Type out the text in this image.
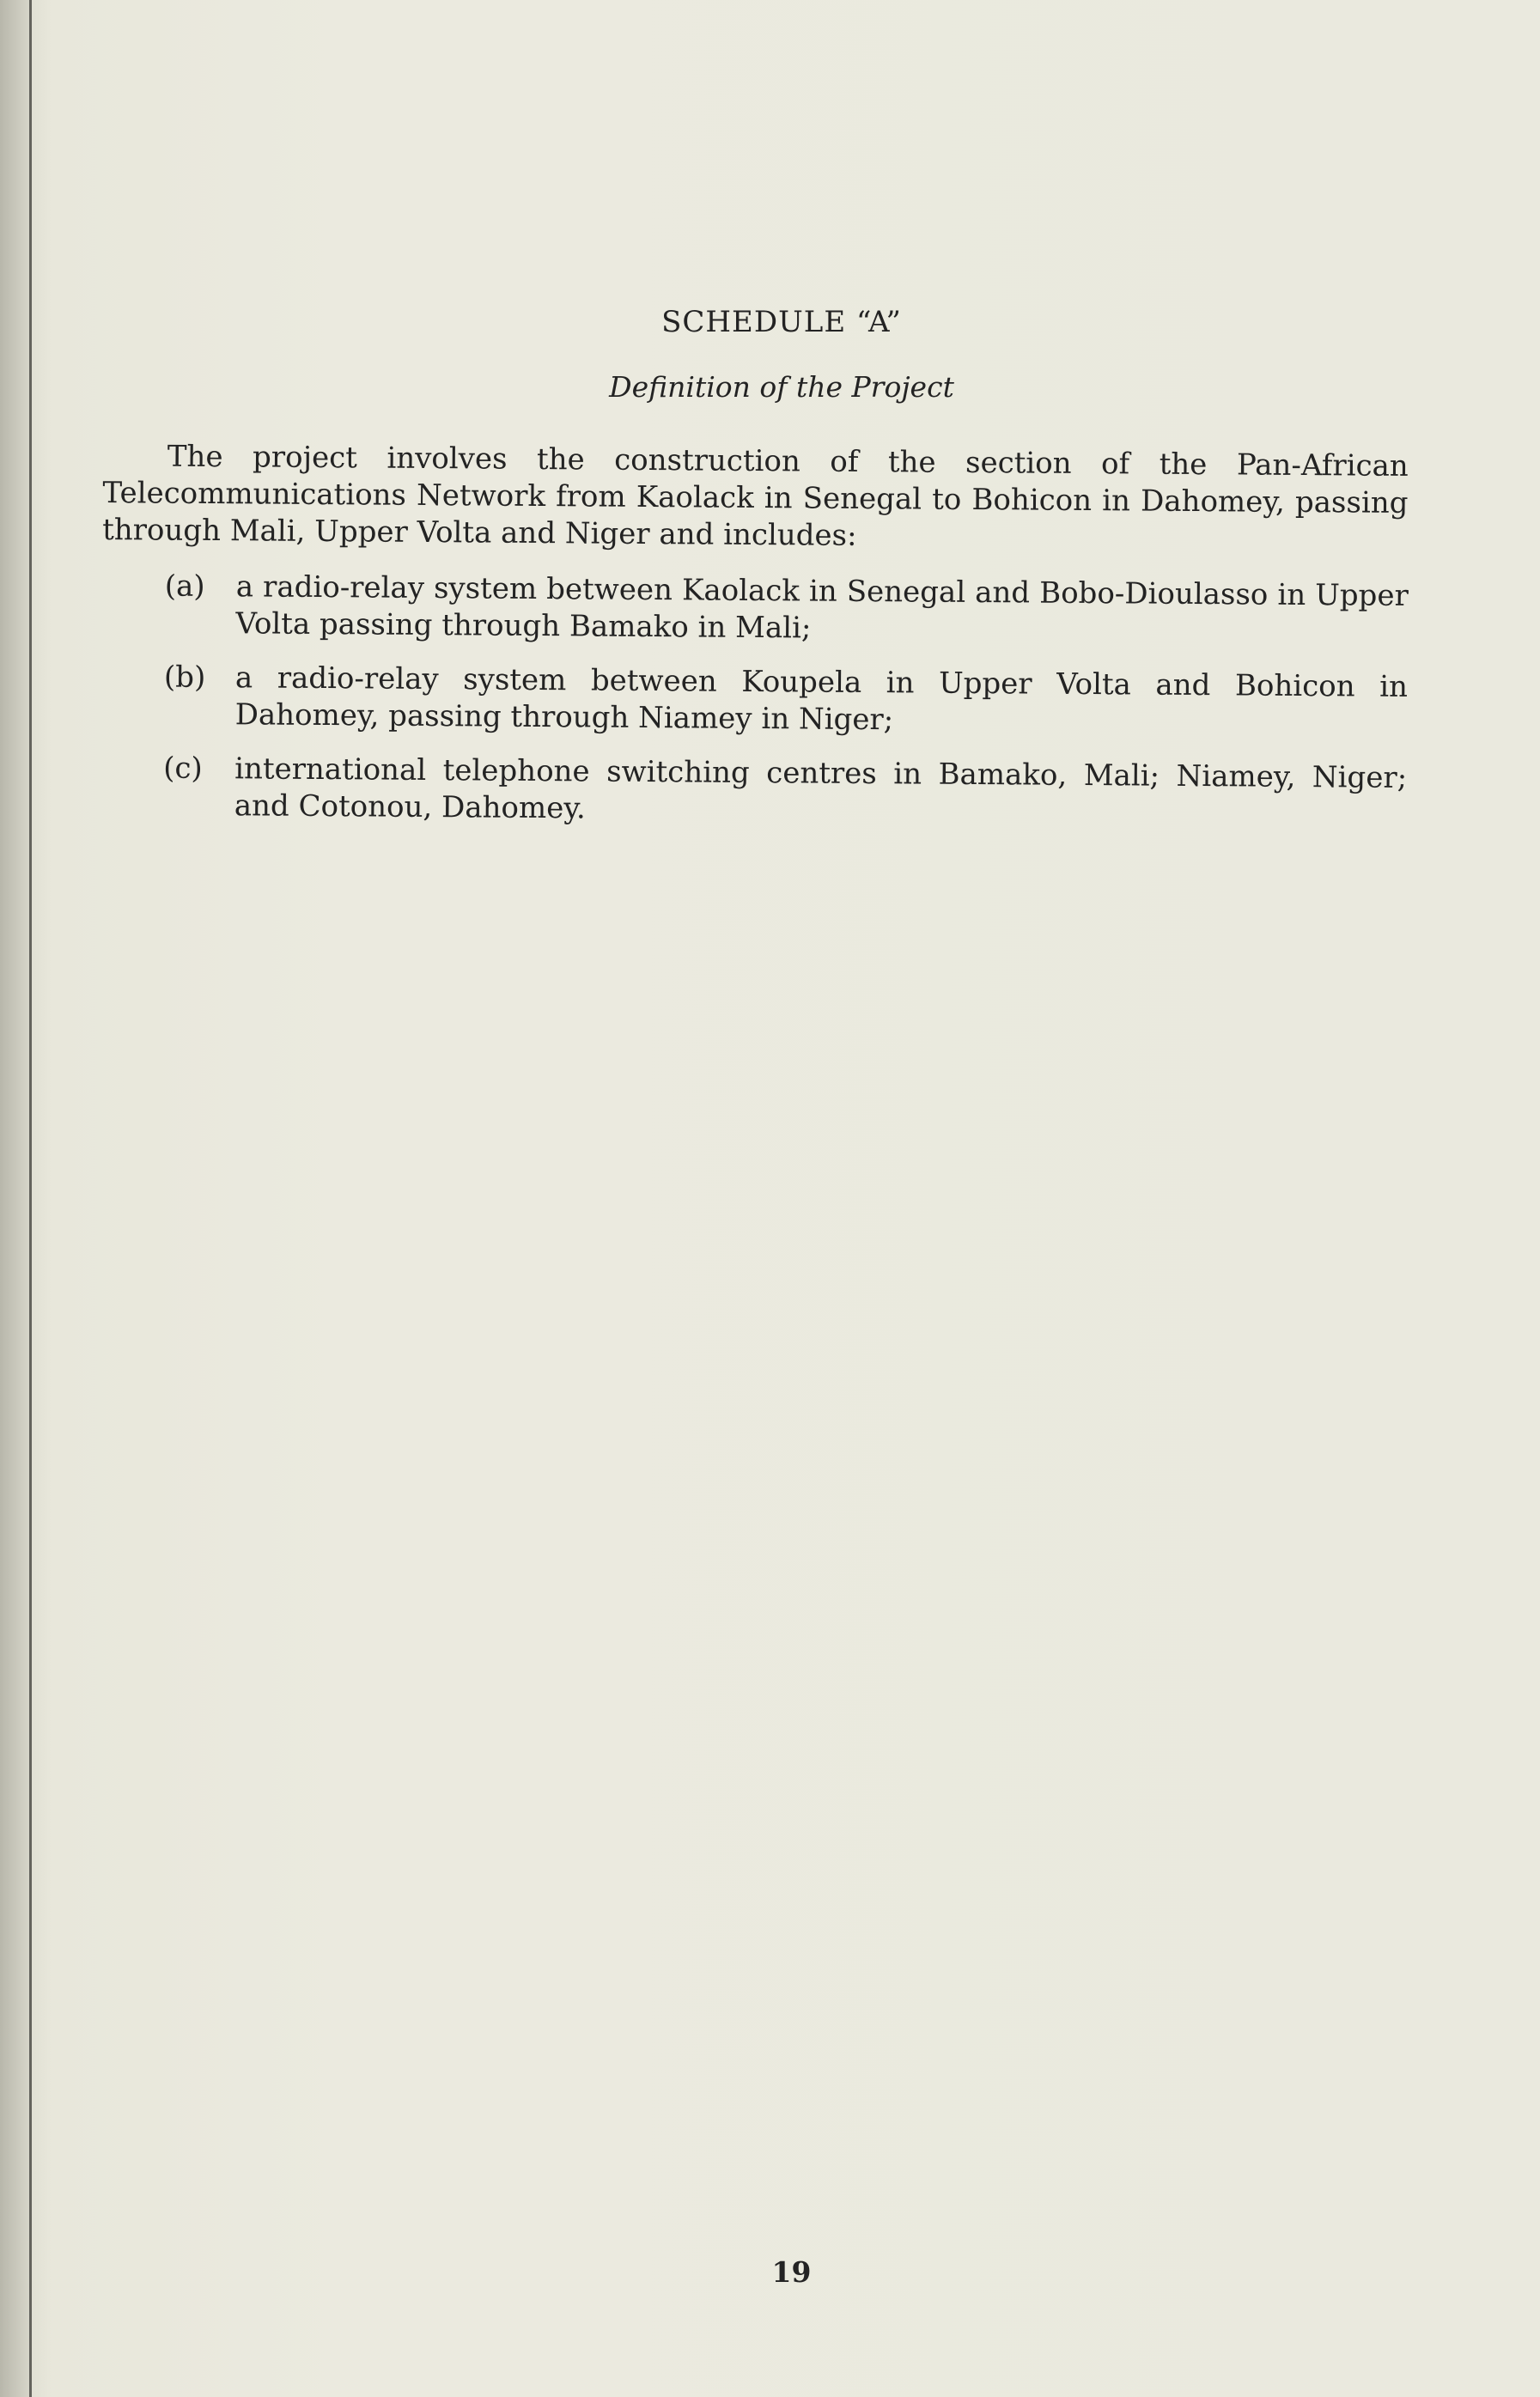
SCHEDULE “A”
Definition of the Project

The project involves the construction of the section of the Pan-African Telecommunications Network from Kaolack in Senegal to Bohicon in Dahomey, passing through Mali, Upper Volta and Niger and includes:

(a)	a radio-relay system between Kaolack in Senegal and Bobo-Dioulasso in Upper Volta passing through Bamako in Mali;
(b)	a radio-relay system between Koupela in Upper Volta and Bohicon in Dahomey, passing through Niamey in Niger;
(c)	international telephone switching centres in Bamako, Mali; Niamey, Niger; and Cotonou, Dahomey.
19
